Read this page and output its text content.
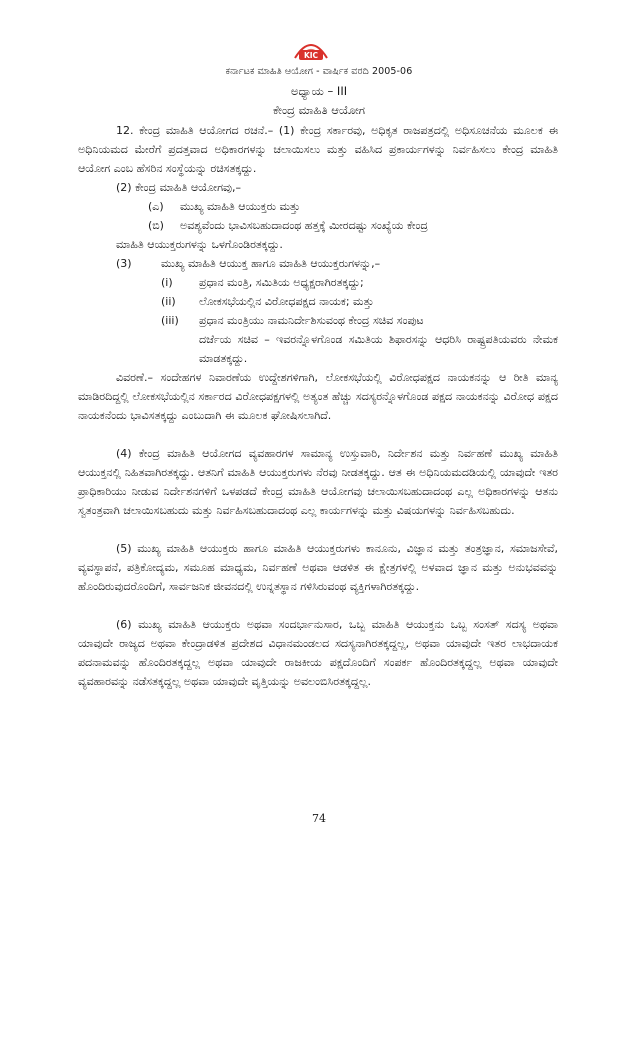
KIC
ಕರ್ನಾಟಕ ಮಾಹಿತಿ ಆಯೋಗ - ವಾರ್ಷಿಕ ವರದಿ 2005-06
ಅಧ್ಯಾಯ – III
ಕೇಂದ್ರ ಮಾಹಿತಿ ಆಯೋಗ

12. ಕೇಂದ್ರ ಮಾಹಿತಿ ಆಯೋಗದ ರಚನೆ.– (1) ಕೇಂದ್ರ ಸರ್ಕಾರವು, ಅಧಿಕೃತ ರಾಜಪತ್ರದಲ್ಲಿ ಅಧಿಸೂಚನೆಯ ಮೂಲಕ ಈ ಅಧಿನಿಯಮದ ಮೇರೆಗೆ ಪ್ರದತ್ತವಾದ ಅಧಿಕಾರಗಳನ್ನು ಚಲಾಯಿಸಲು ಮತ್ತು ವಹಿಸಿದ ಪ್ರಕಾರ್ಯಗಳನ್ನು ನಿರ್ವಹಿಸಲು ಕೇಂದ್ರ ಮಾಹಿತಿ ಆಯೋಗ ಎಂಬ ಹೆಸರಿನ ಸಂಸ್ಥೆಯನ್ನು ರಚಿಸತಕ್ಕದ್ದು.

(2) ಕೇಂದ್ರ ಮಾಹಿತಿ ಆಯೋಗವು,–
(ಎ)	ಮುಖ್ಯ ಮಾಹಿತಿ ಆಯುಕ್ತರು ಮತ್ತು
(ಬಿ)	ಅವಶ್ಯವೆಂದು ಭಾವಿಸಬಹುದಾದಂಥ ಹತ್ತಕ್ಕೆ ಮೀರದಷ್ಟು ಸಂಖ್ಯೆಯ ಕೇಂದ್ರ
ಮಾಹಿತಿ ಆಯುಕ್ತರುಗಳನ್ನು ಒಳಗೊಂಡಿರತಕ್ಕದ್ದು.
(3)	ಮುಖ್ಯ ಮಾಹಿತಿ ಆಯುಕ್ತ ಹಾಗೂ ಮಾಹಿತಿ ಆಯುಕ್ತರುಗಳನ್ನು,–
(i)	ಪ್ರಧಾನ ಮಂತ್ರಿ, ಸಮಿತಿಯ ಅಧ್ಯಕ್ಷರಾಗಿರತಕ್ಕದ್ದು;
(ii)	ಲೋಕಸಭೆಯಲ್ಲಿನ ವಿರೋಧಪಕ್ಷದ ನಾಯಕ; ಮತ್ತು
(iii)	ಪ್ರಧಾನ ಮಂತ್ರಿಯು ನಾಮನಿರ್ದೇಶಿಸುವಂಥ ಕೇಂದ್ರ ಸಚಿವ ಸಂಪುಟ
ದರ್ಜೆಯ ಸಚಿವ – ಇವರನ್ನೊಳಗೊಂಡ ಸಮಿತಿಯ ಶಿಫಾರಸನ್ನು ಆಧರಿಸಿ ರಾಷ್ಟ್ರಪತಿಯವರು ನೇಮಕ ಮಾಡತಕ್ಕದ್ದು.

ವಿವರಣೆ.– ಸಂದೇಹಗಳ ನಿವಾರಣೆಯ ಉದ್ದೇಶಗಳಿಗಾಗಿ, ಲೋಕಸಭೆಯಲ್ಲಿ ವಿರೋಧಪಕ್ಷದ ನಾಯಕನನ್ನು ಆ ರೀತಿ ಮಾನ್ಯ ಮಾಡಿರದಿದ್ದಲ್ಲಿ ಲೋಕಸಭೆಯಲ್ಲಿನ ಸರ್ಕಾರದ ವಿರೋಧಪಕ್ಷಗಳಲ್ಲಿ ಅತ್ಯಂತ ಹೆಚ್ಚು ಸದಸ್ಯರನ್ನೊಳಗೊಂಡ ಪಕ್ಷದ ನಾಯಕನನ್ನು ವಿರೋಧ ಪಕ್ಷದ ನಾಯಕನೆಂದು ಭಾವಿಸತಕ್ಕದ್ದು ಎಂಬುದಾಗಿ ಈ ಮೂಲಕ ಘೋಷಿಸಲಾಗಿದೆ.

(4) ಕೇಂದ್ರ ಮಾಹಿತಿ ಆಯೋಗದ ವ್ಯವಹಾರಗಳ ಸಾಮಾನ್ಯ ಉಸ್ತುವಾರಿ, ನಿರ್ದೇಶನ ಮತ್ತು ನಿರ್ವಹಣೆ ಮುಖ್ಯ ಮಾಹಿತಿ ಆಯುಕ್ತನಲ್ಲಿ ನಿಹಿತವಾಗಿರತಕ್ಕದ್ದು. ಆತನಿಗೆ ಮಾಹಿತಿ ಆಯುಕ್ತರುಗಳು ನೆರವು ನೀಡತಕ್ಕದ್ದು. ಆತ ಈ ಅಧಿನಿಯಮದಡಿಯಲ್ಲಿ ಯಾವುದೇ ಇತರ ಪ್ರಾಧಿಕಾರಿಯು ನೀಡುವ ನಿರ್ದೇಶನಗಳಿಗೆ ಒಳಪಡದೆ ಕೇಂದ್ರ ಮಾಹಿತಿ ಆಯೋಗವು ಚಲಾಯಿಸಬಹುದಾದಂಥ ಎಲ್ಲ ಅಧಿಕಾರಗಳನ್ನು ಆತನು ಸ್ವತಂತ್ರವಾಗಿ ಚಲಾಯಿಸಬಹುದು ಮತ್ತು ನಿರ್ವಹಿಸಬಹುದಾದಂಥ ಎಲ್ಲ ಕಾರ್ಯಗಳನ್ನು ಮತ್ತು ವಿಷಯಗಳನ್ನು ನಿರ್ವಹಿಸಬಹುದು.

(5) ಮುಖ್ಯ ಮಾಹಿತಿ ಆಯುಕ್ತರು ಹಾಗೂ ಮಾಹಿತಿ ಆಯುಕ್ತರುಗಳು ಕಾನೂನು, ವಿಜ್ಞಾನ ಮತ್ತು ತಂತ್ರಜ್ಞಾನ, ಸಮಾಜಸೇವೆ, ವ್ಯವಸ್ಥಾಪನೆ, ಪತ್ರಿಕೋದ್ಯಮ, ಸಮೂಹ ಮಾಧ್ಯಮ, ನಿರ್ವಹಣೆ ಅಥವಾ ಆಡಳಿತ ಈ ಕ್ಷೇತ್ರಗಳಲ್ಲಿ ಅಳವಾದ ಜ್ಞಾನ ಮತ್ತು ಅನುಭವವನ್ನು ಹೊಂದಿರುವುದರೊಂದಿಗೆ, ಸಾರ್ವಜನಿಕ ಜೀವನದಲ್ಲಿ ಉನ್ನತಸ್ಥಾನ ಗಳಿಸಿರುವಂಥ ವ್ಯಕ್ತಿಗಳಾಗಿರತಕ್ಕದ್ದು.

(6) ಮುಖ್ಯ ಮಾಹಿತಿ ಆಯುಕ್ತರು ಅಥವಾ ಸಂದರ್ಭಾನುಸಾರ, ಒಬ್ಬ ಮಾಹಿತಿ ಆಯುಕ್ತನು ಒಬ್ಬ ಸಂಸತ್ ಸದಸ್ಯ ಅಥವಾ ಯಾವುದೇ ರಾಜ್ಯದ ಅಥವಾ ಕೇಂದ್ರಾಡಳಿತ ಪ್ರದೇಶದ ವಿಧಾನಮಂಡಲದ ಸದಸ್ಯನಾಗಿರತಕ್ಕದ್ದಲ್ಲ, ಅಥವಾ ಯಾವುದೇ ಇತರ ಲಾಭದಾಯಕ ಪದನಾಮವನ್ನು ಹೊಂದಿರತಕ್ಕದ್ದಲ್ಲ ಅಥವಾ ಯಾವುದೇ ರಾಜಕೀಯ ಪಕ್ಷದೊಂದಿಗೆ ಸಂಪರ್ಕ ಹೊಂದಿರತಕ್ಕದ್ದಲ್ಲ ಅಥವಾ ಯಾವುದೇ ವ್ಯವಹಾರವನ್ನು ನಡೆಸತಕ್ಕದ್ದಲ್ಲ ಅಥವಾ ಯಾವುದೇ ವೃತ್ತಿಯನ್ನು ಅವಲಂಬಿಸಿರತಕ್ಕದ್ದಲ್ಲ.

74
